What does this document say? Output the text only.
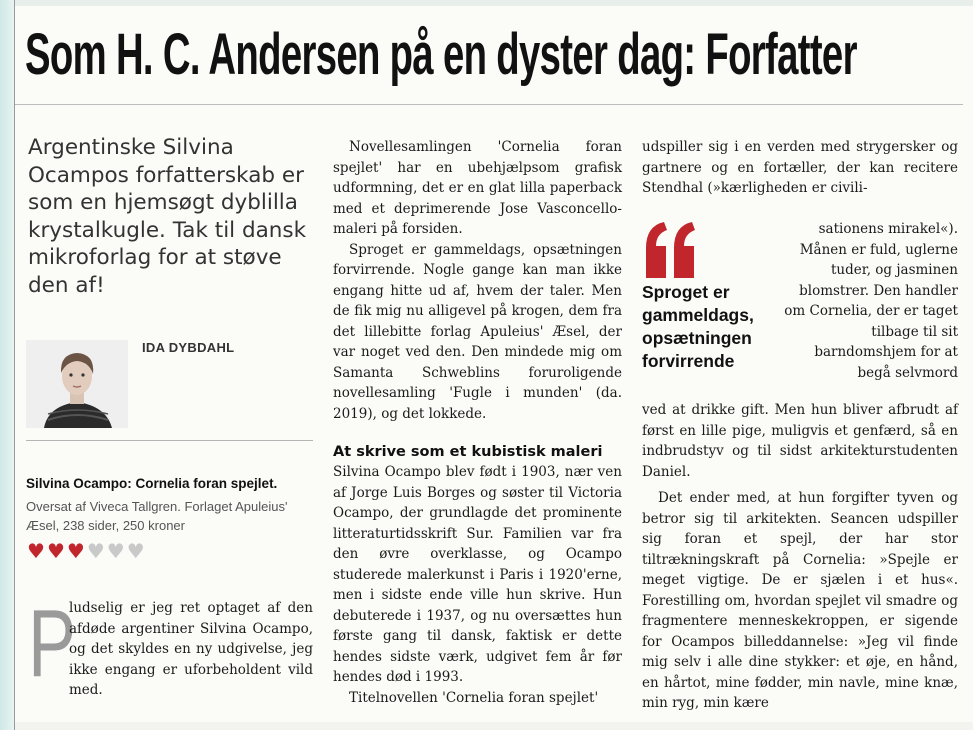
Som H. C. Andersen på en dyster dag: Forfatter

Argentinske Silvina Ocampos forfatterskab er som en hjemsøgt dyblilla krystalkugle. Tak til dansk mikroforlag for at støve den af!

IDA DYBDAHL
Silvina Ocampo: Cornelia foran spejlet.

Oversat af Viveca Tallgren. Forlaget Apuleius' Æsel, 238 sider, 250 kroner

♥ ♥ ♥ ♥ ♥ ♥
P

ludselig er jeg ret optaget af den afdøde argentiner Silvina Ocampo, og det skyldes en ny udgivelse, jeg ikke engang er uforbeholdent vild med.

Novellesamlingen 'Cornelia foran spejlet' har en ubehjælpsom grafisk udformning, det er en glat lilla paperback med et deprimerende Jose Vasconcello-maleri på forsiden.

Sproget er gammeldags, opsætningen forvirrende. Nogle gange kan man ikke engang hitte ud af, hvem der taler. Men de fik mig nu alligevel på krogen, dem fra det lillebitte forlag Apuleius' Æsel, der var noget ved den. Den mindede mig om Samanta Schweblins foruroligende novellesamling 'Fugle i munden' (da. 2019), og det lokkede.

At skrive som et kubistisk maleri

Silvina Ocampo blev født i 1903, nær ven af Jorge Luis Borges og søster til Victoria Ocampo, der grundlagde det prominente litteraturtidsskrift Sur. Familien var fra den øvre overklasse, og Ocampo studerede malerkunst i Paris i 1920'erne, men i sidste ende ville hun skrive. Hun debuterede i 1937, og nu oversættes hun første gang til dansk, faktisk er dette hendes sidste værk, udgivet fem år før hendes død i 1993.

Titelnovellen 'Cornelia foran spejlet'

udspiller sig i en verden med strygersker og gartnere og en fortæller, der kan recitere Stendhal (»kærligheden er civili-

Sproget er gammeldags, opsætningen forvirrende

sationens mirakel«). Månen er fuld, uglerne tuder, og jasminen blomstrer. Den handler om Cornelia, der er taget tilbage til sit barndomshjem for at begå selvmord

ved at drikke gift. Men hun bliver afbrudt af først en lille pige, muligvis et genfærd, så en indbrudstyv og til sidst arkitekturstudenten Daniel.

Det ender med, at hun forgifter tyven og betror sig til arkitekten. Seancen udspiller sig foran et spejl, der har stor tiltrækningskraft på Cornelia: »Spejle er meget vigtige. De er sjælen i et hus«. Forestilling om, hvordan spejlet vil smadre og fragmentere menneskekroppen, er sigende for Ocampos billeddannelse: »Jeg vil finde mig selv i alle dine stykker: et øje, en hånd, en hårtot, mine fødder, min navle, mine knæ, min ryg, min kære
